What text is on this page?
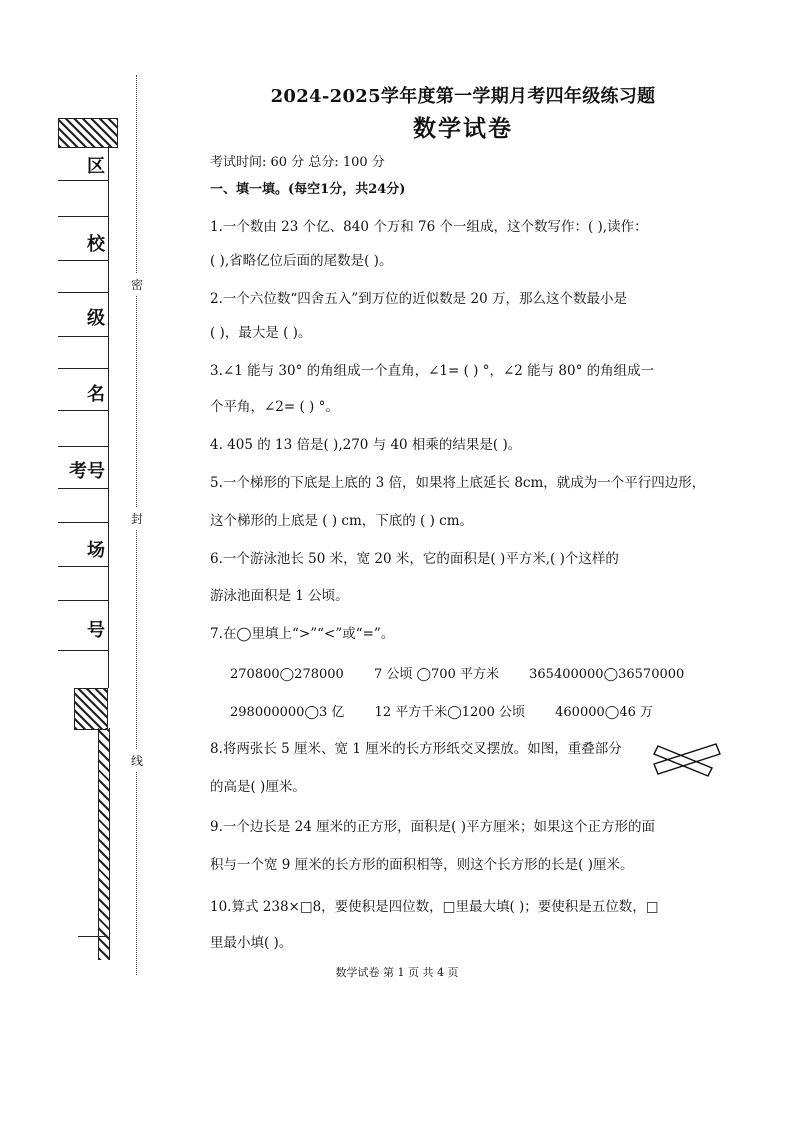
区
校
级
名
考号
场
号
密
封
线
2024-2025学年度第一学期月考四年级练习题
数学试卷
考试时间: 60 分 总分: 100 分
一、填一填。(每空1分，共24分)
1.一个数由 23 个亿、840 个万和 76 个一组成，这个数写作：( ),读作：
( ),省略亿位后面的尾数是( )。
2.一个六位数“四舍五入”到万位的近似数是 20 万，那么这个数最小是
( )，最大是 ( )。
3.∠1 能与 30° 的角组成一个直角，∠1= ( ) °，∠2 能与 80° 的角组成一
个平角，∠2= ( ) °。
4. 405 的 13 倍是( ),270 与 40 相乘的结果是( )。
5.一个梯形的下底是上底的 3 倍，如果将上底延长 8cm，就成为一个平行四边形，
这个梯形的上底是 ( ) cm，下底的 ( ) cm。
6.一个游泳池长 50 米，宽 20 米，它的面积是( )平方米,( )个这样的
游泳池面积是 1 公顷。
7.在◯里填上“>”“<”或“=”。
270800◯278000 7 公顷 ◯700 平方米 365400000◯36570000
298000000◯3 亿 12 平方千米◯1200 公顷 460000◯46 万
8.将两张长 5 厘米、宽 1 厘米的长方形纸交叉摆放。如图，重叠部分
的高是( )厘米。
9.一个边长是 24 厘米的正方形，面积是( )平方厘米；如果这个正方形的面
积与一个宽 9 厘米的长方形的面积相等，则这个长方形的长是( )厘米。
10.算式 238×□8，要使积是四位数，□里最大填( )；要使积是五位数，□
里最小填( )。
数学试卷 第 1 页 共 4 页
